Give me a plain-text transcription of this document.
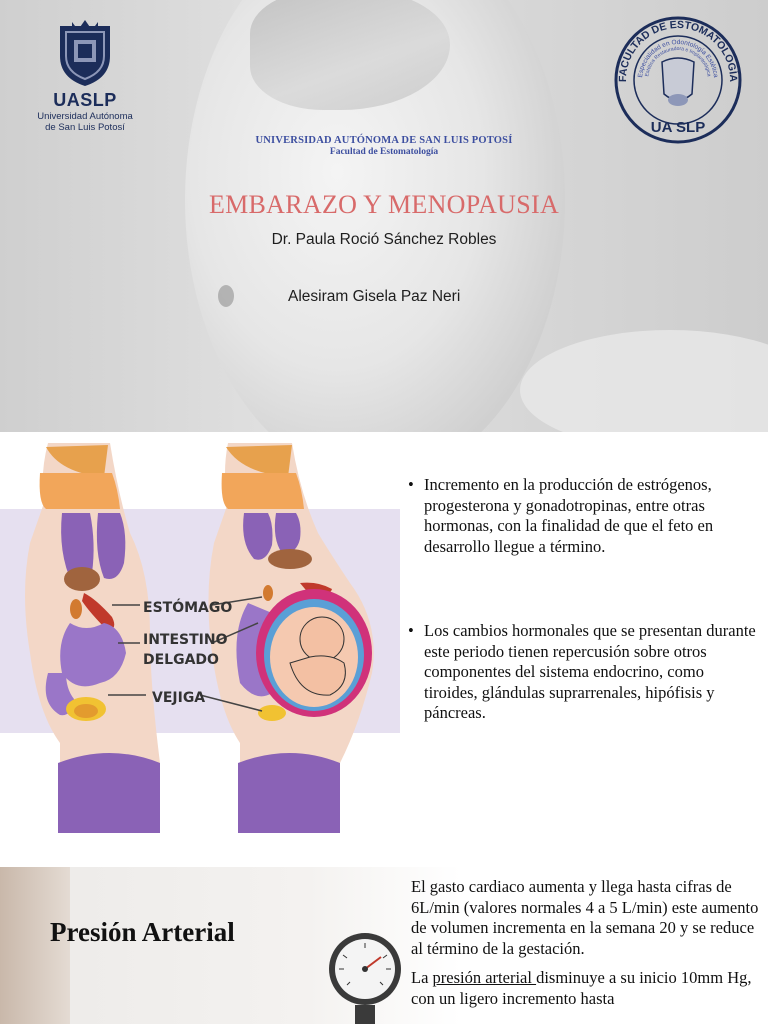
UASLP
Universidad Autónoma
de San Luis Potosí
FACULTAD DE ESTOMATOLOGÍA
Especialidad en Odontología Estética
Estética Restauradora e Implantológica
UA SLP
UNIVERSIDAD AUTÓNOMA DE SAN LUIS POTOSÍ
Facultad de Estomatología
EMBARAZO Y MENOPAUSIA
Dr. Paula Roció Sánchez Robles
Alesiram Gisela Paz Neri
ESTÓMAGO
INTESTINO
DELGADO
VEJIGA
• Incremento en la producción de estrógenos, progesterona y gonadotropinas, entre otras hormonas, con la finalidad de que el feto en desarrollo llegue a término.
• Los cambios hormonales que se presentan durante este periodo tienen repercusión sobre otros componentes del sistema endocrino, como tiroides, glándulas suprarrenales, hipófisis y páncreas.
Presión Arterial

El gasto cardiaco aumenta y llega hasta cifras de 6L/min (valores normales 4 a 5 L/min) este aumento de volumen incrementa en la semana 20 y se reduce al término de la gestación.

La presión arterial disminuye a su inicio 10mm Hg, con un ligero incremento hasta
